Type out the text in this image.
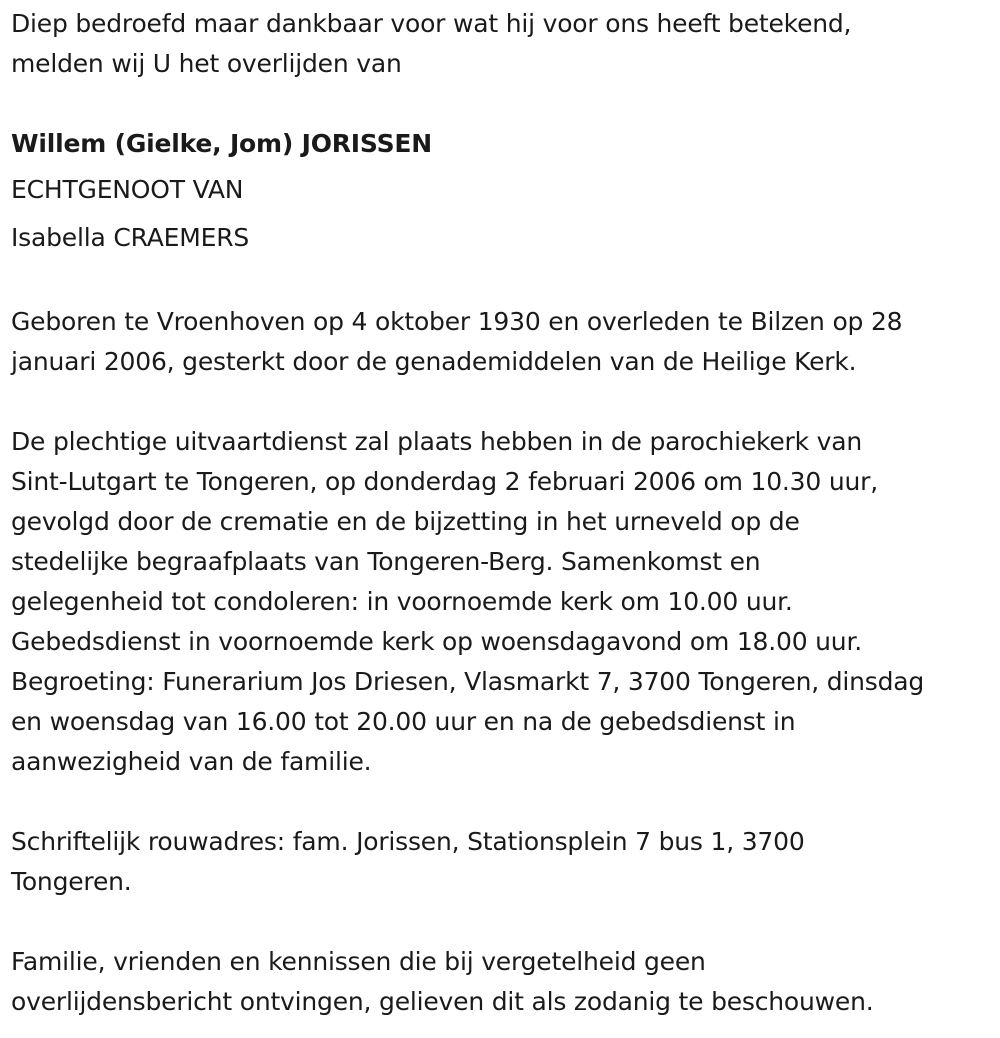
Diep bedroefd maar dankbaar voor wat hij voor ons heeft betekend,
melden wij U het overlijden van

Willem (Gielke, Jom) JORISSEN

ECHTGENOOT VAN

Isabella CRAEMERS

Geboren te Vroenhoven op 4 oktober 1930 en overleden te Bilzen op 28
januari 2006, gesterkt door de genademiddelen van de Heilige Kerk.

De plechtige uitvaartdienst zal plaats hebben in de parochiekerk van
Sint-Lutgart te Tongeren, op donderdag 2 februari 2006 om 10.30 uur,
gevolgd door de crematie en de bijzetting in het urneveld op de
stedelijke begraafplaats van Tongeren-Berg. Samenkomst en
gelegenheid tot condoleren: in voornoemde kerk om 10.00 uur.
Gebedsdienst in voornoemde kerk op woensdagavond om 18.00 uur.
Begroeting: Funerarium Jos Driesen, Vlasmarkt 7, 3700 Tongeren, dinsdag
en woensdag van 16.00 tot 20.00 uur en na de gebedsdienst in
aanwezigheid van de familie.

Schriftelijk rouwadres: fam. Jorissen, Stationsplein 7 bus 1, 3700
Tongeren.

Familie, vrienden en kennissen die bij vergetelheid geen
overlijdensbericht ontvingen, gelieven dit als zodanig te beschouwen.
